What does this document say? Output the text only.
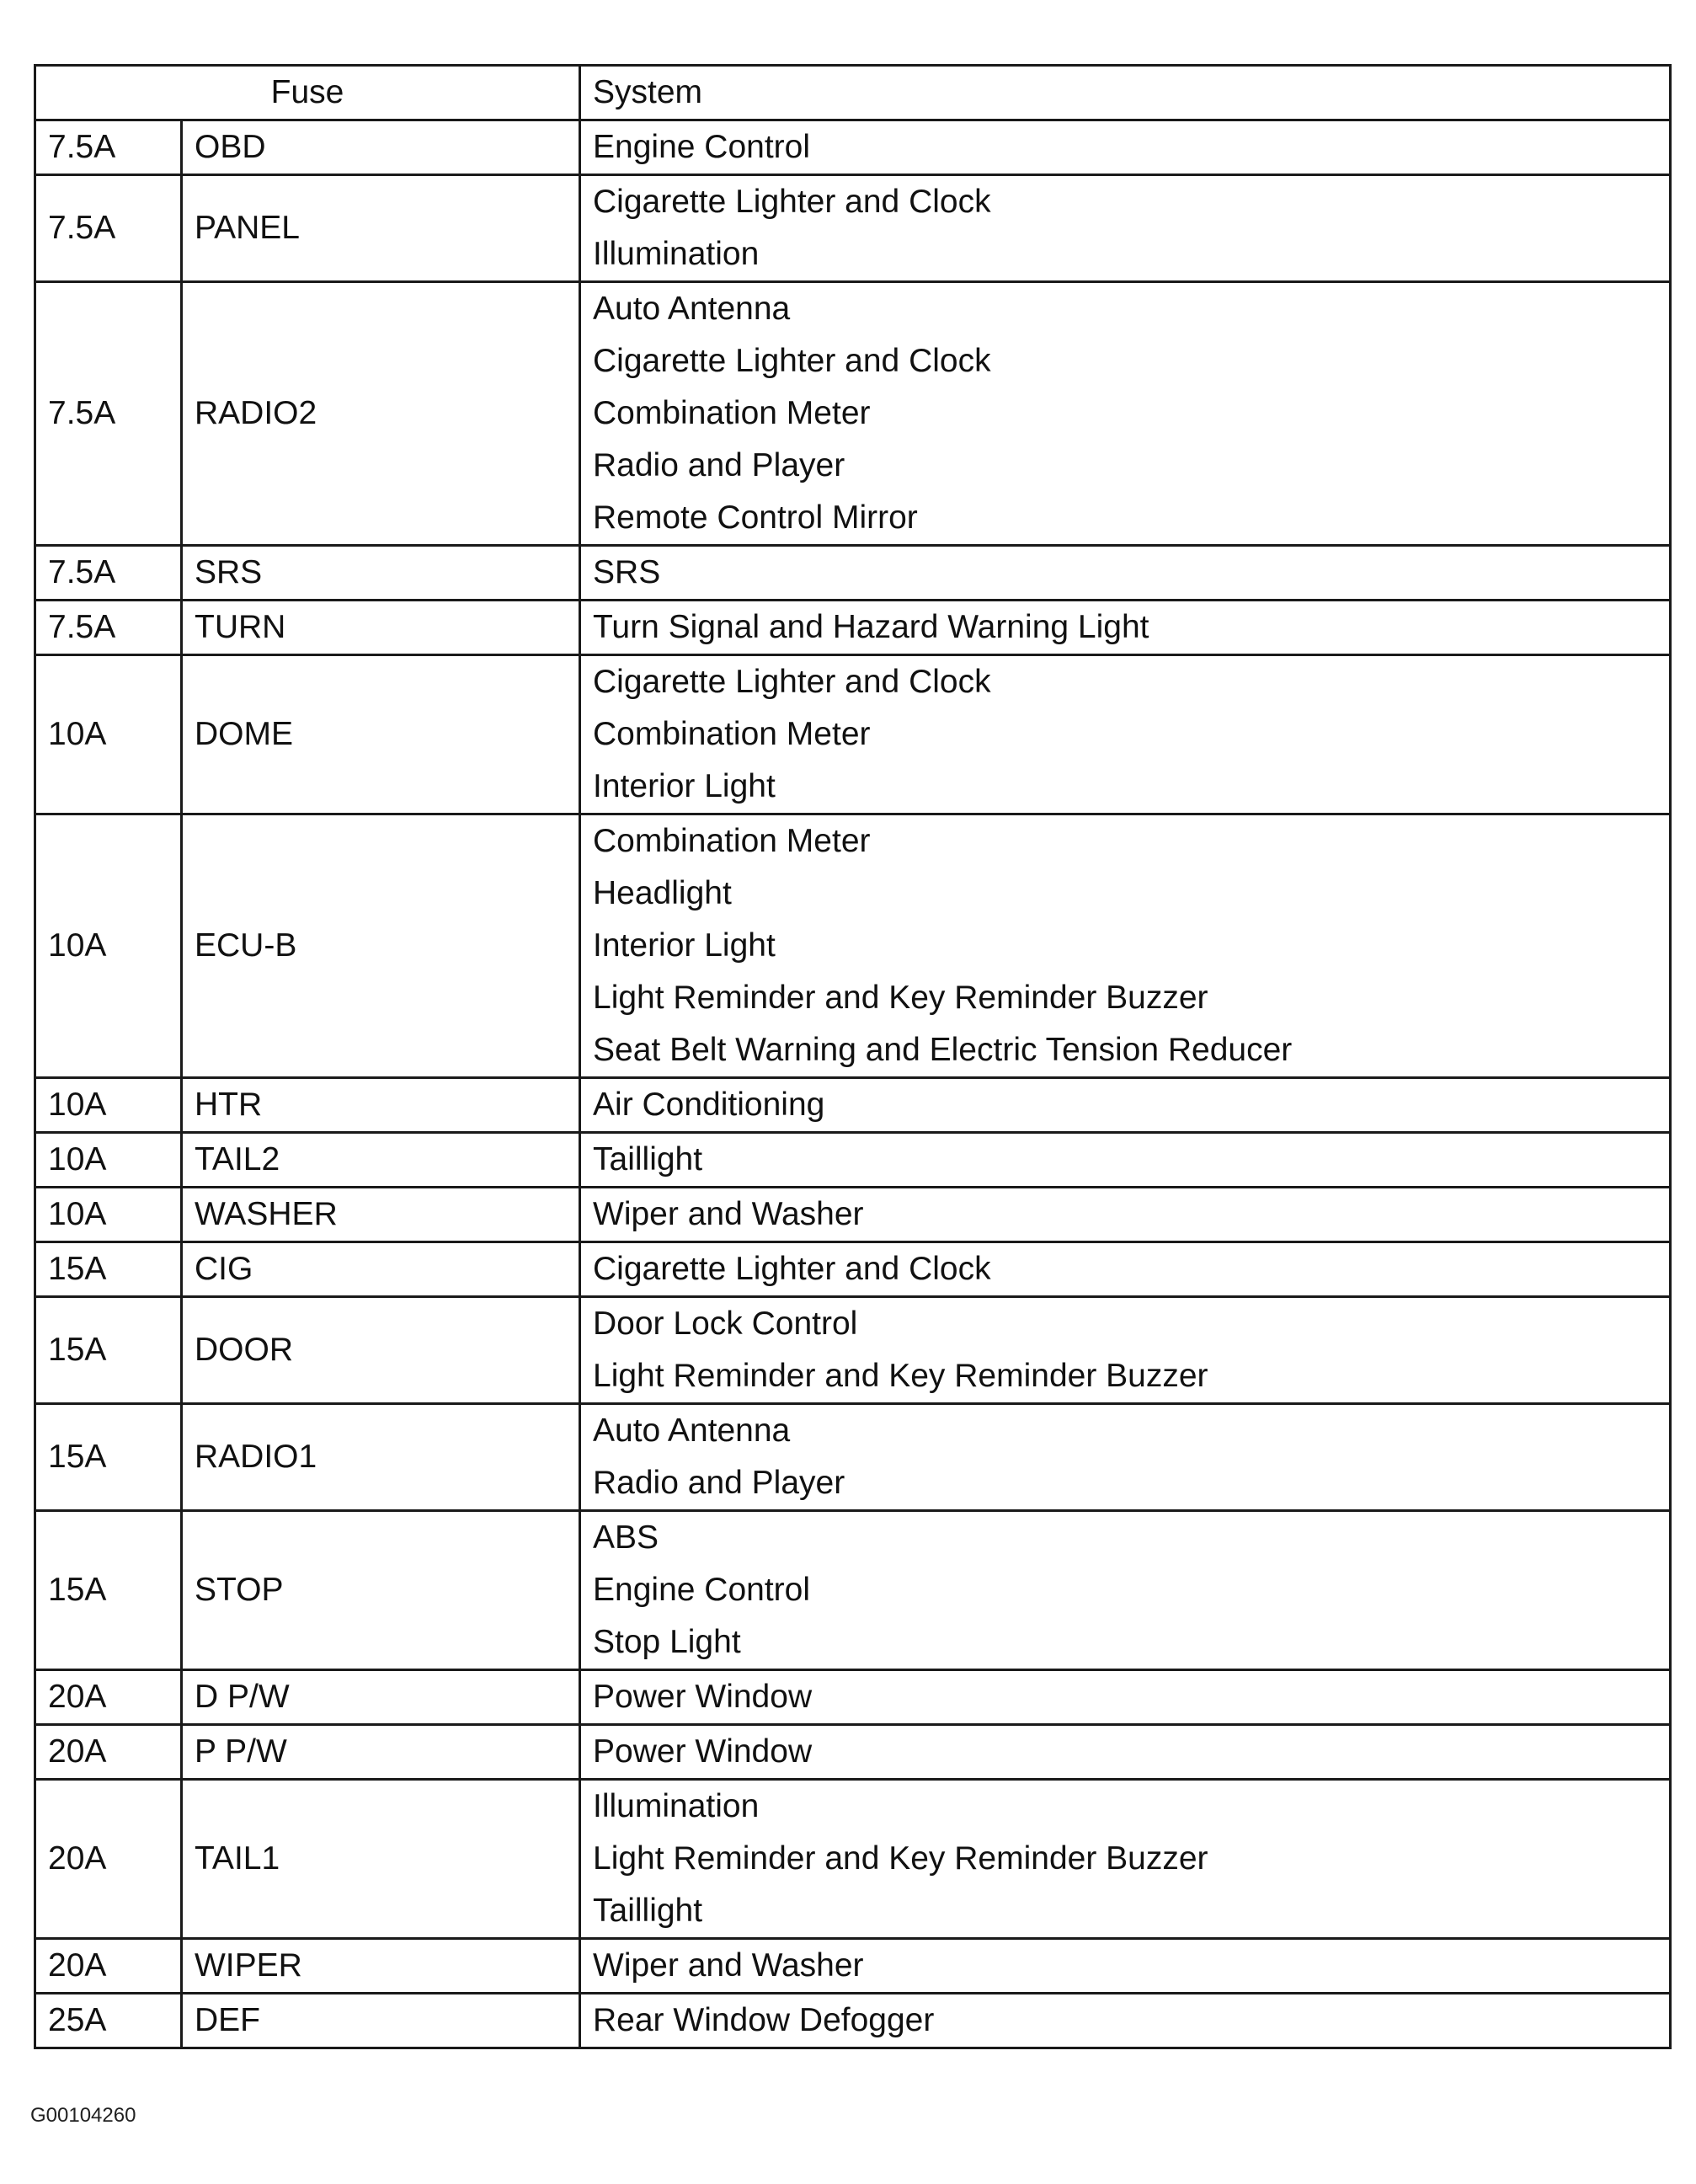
Fuse		System
7.5A	OBD	Engine Control

7.5A	PANEL	Cigarette Lighter and Clock
Illumination

7.5A	RADIO2	Auto Antenna
Cigarette Lighter and Clock
Combination Meter
Radio and Player
Remote Control Mirror

7.5A	SRS	SRS

7.5A	TURN	Turn Signal and Hazard Warning Light

10A	DOME	Cigarette Lighter and Clock
Combination Meter
Interior Light

10A	ECU-B	Combination Meter
Headlight
Interior Light
Light Reminder and Key Reminder Buzzer
Seat Belt Warning and Electric Tension Reducer

10A	HTR	Air Conditioning

10A	TAIL2	Taillight

10A	WASHER	Wiper and Washer

15A	CIG	Cigarette Lighter and Clock

15A	DOOR	Door Lock Control
Light Reminder and Key Reminder Buzzer

15A	RADIO1	Auto Antenna
Radio and Player

15A	STOP	ABS
Engine Control
Stop Light

20A	D P/W	Power Window

20A	P P/W	Power Window

20A	TAIL1	Illumination
Light Reminder and Key Reminder Buzzer
Taillight

20A	WIPER	Wiper and Washer

25A	DEF	Rear Window Defogger
G00104260
